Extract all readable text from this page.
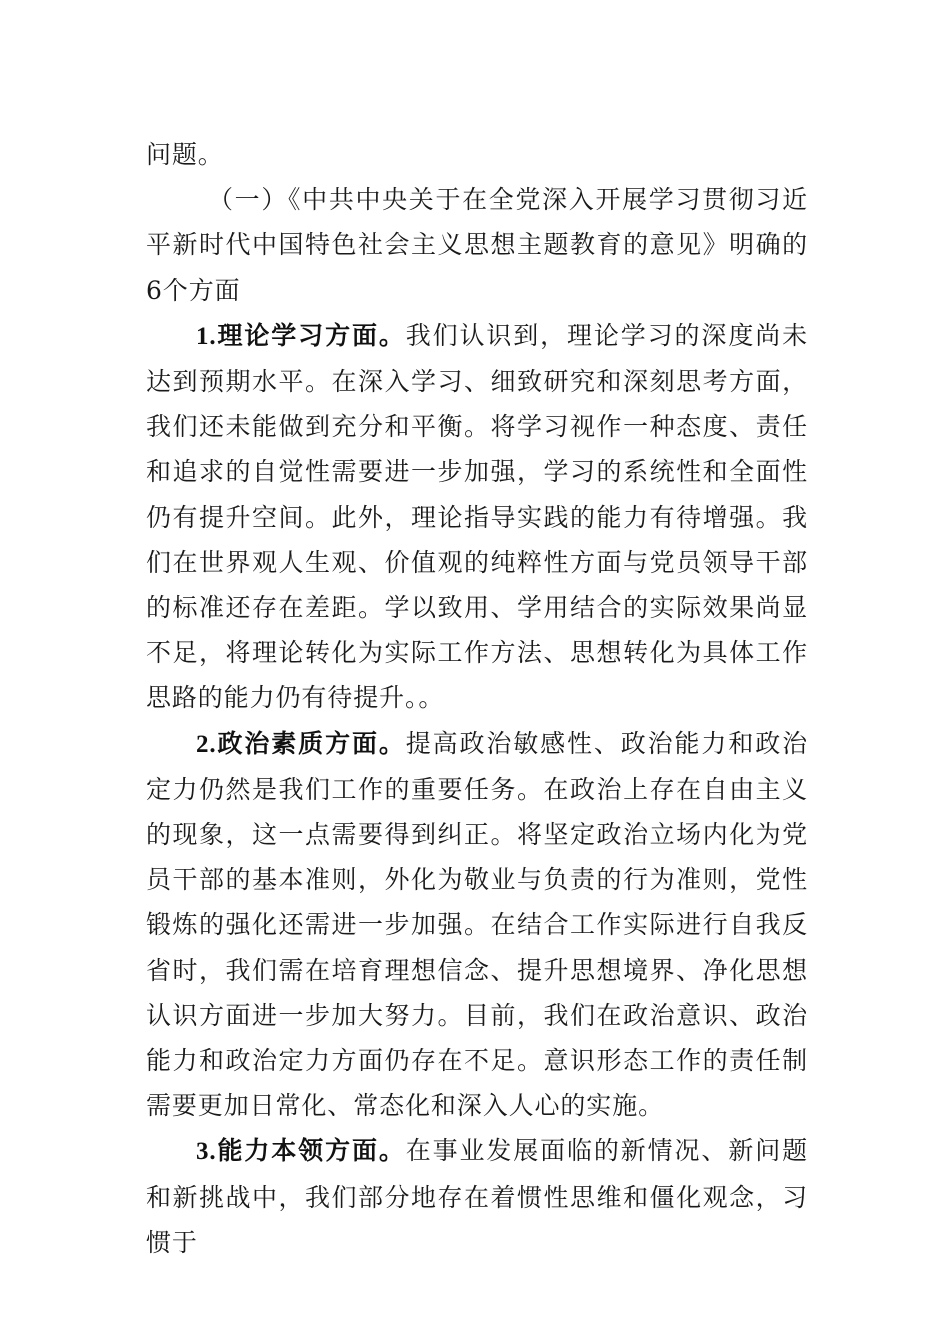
问题。

（一）《中共中央关于在全党深入开展学习贯彻习近平新时代中国特色社会主义思想主题教育的意见》明确的6个方面

1.理论学习方面。我们认识到，理论学习的深度尚未达到预期水平。在深入学习、细致研究和深刻思考方面，我们还未能做到充分和平衡。将学习视作一种态度、责任和追求的自觉性需要进一步加强，学习的系统性和全面性仍有提升空间。此外，理论指导实践的能力有待增强。我们在世界观人生观、价值观的纯粹性方面与党员领导干部的标准还存在差距。学以致用、学用结合的实际效果尚显不足，将理论转化为实际工作方法、思想转化为具体工作思路的能力仍有待提升。。

2.政治素质方面。提高政治敏感性、政治能力和政治定力仍然是我们工作的重要任务。在政治上存在自由主义的现象，这一点需要得到纠正。将坚定政治立场内化为党员干部的基本准则，外化为敬业与负责的行为准则，党性锻炼的强化还需进一步加强。在结合工作实际进行自我反省时，我们需在培育理想信念、提升思想境界、净化思想认识方面进一步加大努力。目前，我们在政治意识、政治能力和政治定力方面仍存在不足。意识形态工作的责任制需要更加日常化、常态化和深入人心的实施。

3.能力本领方面。在事业发展面临的新情况、新问题和新挑战中，我们部分地存在着惯性思维和僵化观念，习惯于
